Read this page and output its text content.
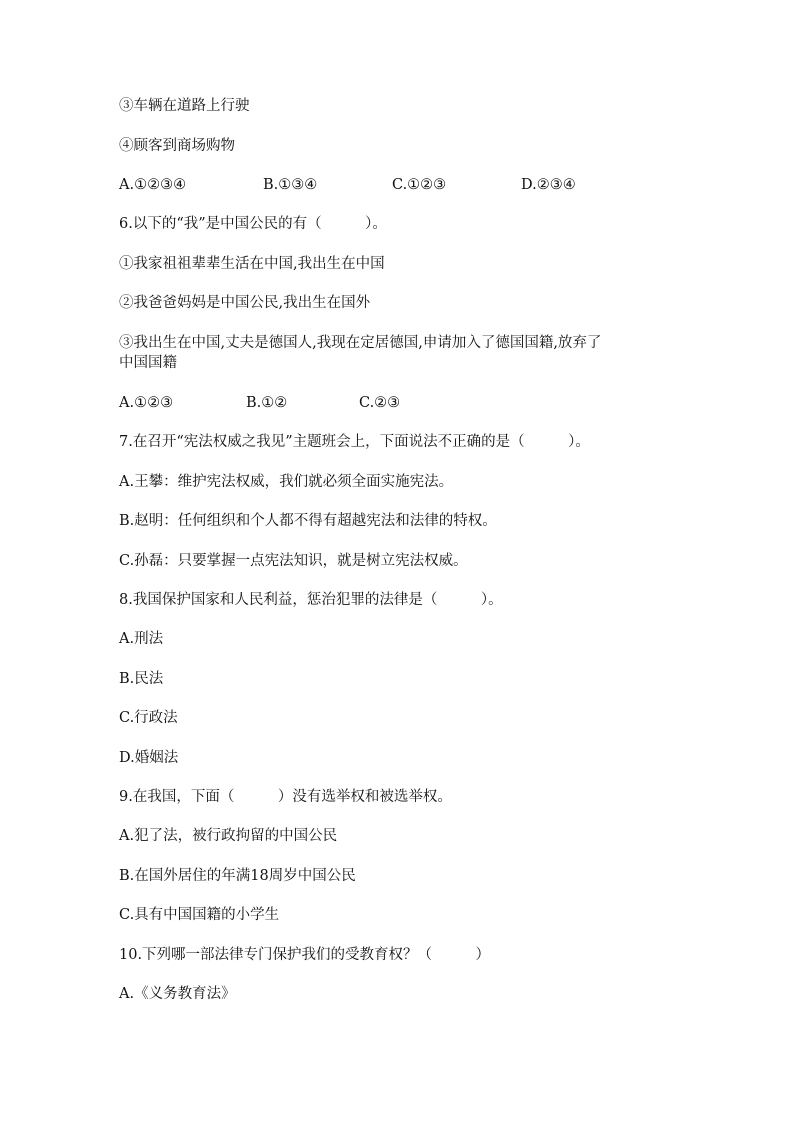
③车辆在道路上行驶
④顾客到商场购物
A.①②③④	B.①③④	C.①②③	D.②③④
6.以下的“我”是中国公民的有（　　　）。
①我家祖祖辈辈生活在中国,我出生在中国
②我爸爸妈妈是中国公民,我出生在国外
③我出生在中国,丈夫是德国人,我现在定居德国,申请加入了德国国籍,放弃了
中国国籍
A.①②③	B.①②	C.②③
7.在召开“宪法权威之我见”主题班会上，下面说法不正确的是（　　　）。
A.王攀：维护宪法权威，我们就必须全面实施宪法。
B.赵明：任何组织和个人都不得有超越宪法和法律的特权。
C.孙磊：只要掌握一点宪法知识，就是树立宪法权威。
8.我国保护国家和人民利益，惩治犯罪的法律是（　　　）。
A.刑法
B.民法
C.行政法
D.婚姻法
9.在我国，下面（　　　）没有选举权和被选举权。
A.犯了法，被行政拘留的中国公民
B.在国外居住的年满18周岁中国公民
C.具有中国国籍的小学生
10.下列哪一部法律专门保护我们的受教育权？（　　　）
A.《义务教育法》
